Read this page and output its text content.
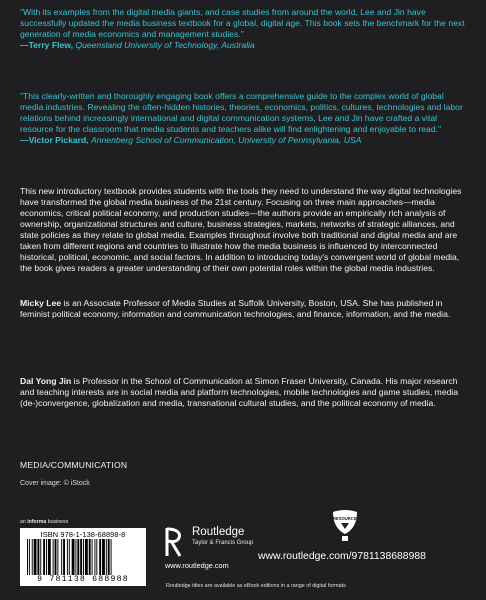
"With its examples from the digital media giants, and case studies from around the world, Lee and Jin have successfully updated the media business textbook for a global, digital age. This book sets the benchmark for the next generation of media economics and management studies."

—Terry Flew, Queensland University of Technology, Australia

"This clearly-written and thoroughly engaging book offers a comprehensive guide to the complex world of global media industries. Revealing the often-hidden histories, theories, economics, politics, cultures, technologies and labor relations behind increasingly international and digital communication systems, Lee and Jin have crafted a vital resource for the classroom that media students and teachers alike will find enlightening and enjoyable to read."

—Victor Pickard, Annenberg School of Communication, University of Pennsylvania, USA

This new introductory textbook provides students with the tools they need to understand the way digital technologies have transformed the global media business of the 21st century. Focusing on three main approaches—media economics, critical political economy, and production studies—the authors provide an empirically rich analysis of ownership, organizational structures and culture, business strategies, markets, networks of strategic alliances, and state policies as they relate to global media. Examples throughout involve both traditional and digital media and are taken from different regions and countries to illustrate how the media business is influenced by interconnected historical, political, economic, and social factors. In addition to introducing today's convergent world of global media, the book gives readers a greater understanding of their own potential roles within the global media industries.
Micky Lee is an Associate Professor of Media Studies at Suffolk University, Boston, USA. She has published in feminist political economy, information and communication technologies, and finance, information, and the media.
Dal Yong Jin is Professor in the School of Communication at Simon Fraser University, Canada. His major research and teaching interests are in social media and platform technologies, mobile technologies and game studies, media (de-)convergence, globalization and media, transnational cultural studies, and the political economy of media.
MEDIA/COMMUNICATION
Cover image: © iStock
an informa business
ISBN 978-1-138-68898-8
9 781138 688988
Routledge
Taylor & Francis Group
www.routledge.com
eRESOURCES
www.routledge.com/9781138688988
Routledge titles are available as eBook editions in a range of digital formats
